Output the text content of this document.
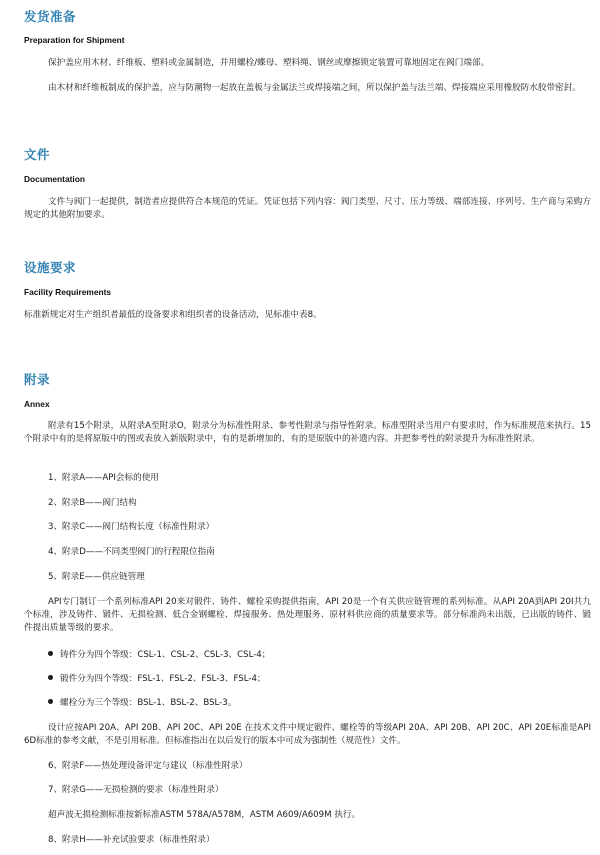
发货准备
Preparation for Shipment
保护盖应用木材、纤维板、塑料或金属制造，并用螺栓/蝶母、塑料绳、钢丝或摩擦锁定装置可靠地固定在阀门端部。
由木材和纤维板制成的保护盖，应与防潮物一起放在盖板与金属法兰或焊接端之间，所以保护盖与法兰端、焊接端应采用橡胶防水胶带密封。
文件
Documentation
文件与阀门一起提供，制造者应提供符合本规范的凭证。凭证包括下列内容：阀门类型、尺寸、压力等级、端部连接、序列号、生产商与采购方规定的其他附加要求。
设施要求
Facility Requirements
标准新规定对生产组织者最低的设备要求和组织者的设备活动，见标准中表8。
附录
Annex
附录有15个附录，从附录A至附录O，附录分为标准性附录、参考性附录与指导性附录。标准型附录当用户有要求时，作为标准规范来执行。15个附录中有的是将原版中的图或表放入新版附录中，有的是新增加的，有的是原版中的补遗内容。并把参考性的附录提升为标准性附录。
1、附录A——API会标的使用
2、附录B——阀门结构
3、附录C——阀门结构长度（标准性附录）
4、附录D——不同类型阀门的行程限位指南
5、附录E——供应链管理
API专门制订一个系列标准API 20来对锻件、铸件、螺栓采购提供指南，API 20是一个有关供应链管理的系列标准。从API 20A到API 20I共九个标准，涉及铸件、锻件、无损检测、低合金钢螺栓、焊接服务、热处理服务、原材料供应商的质量要求等。部分标准尚未出版，已出版的铸件、锻件提出质量等级的要求。
铸件分为四个等级：CSL-1、CSL-2、CSL-3、CSL-4；
锻件分为四个等级：FSL-1、FSL-2、FSL-3、FSL-4；
螺栓分为三个等级：BSL-1、BSL-2、BSL-3。
设计应按API 20A、API 20B、API 20C、API 20E 在技术文件中规定锻件、螺栓等的等级API 20A、API 20B、API 20C、API 20E标准是API 6D标准的参考文献，不是引用标准。但标准指出在以后发行的版本中可成为强制性（规范性）文件。
6、附录F——热处理设备评定与建议（标准性附录）
7、附录G——无损检测的要求（标准性附录）
超声波无损检测标准按新标准ASTM 578A/A578M，ASTM A609/A609M 执行。
8、附录H——补充试验要求（标准性附录）
